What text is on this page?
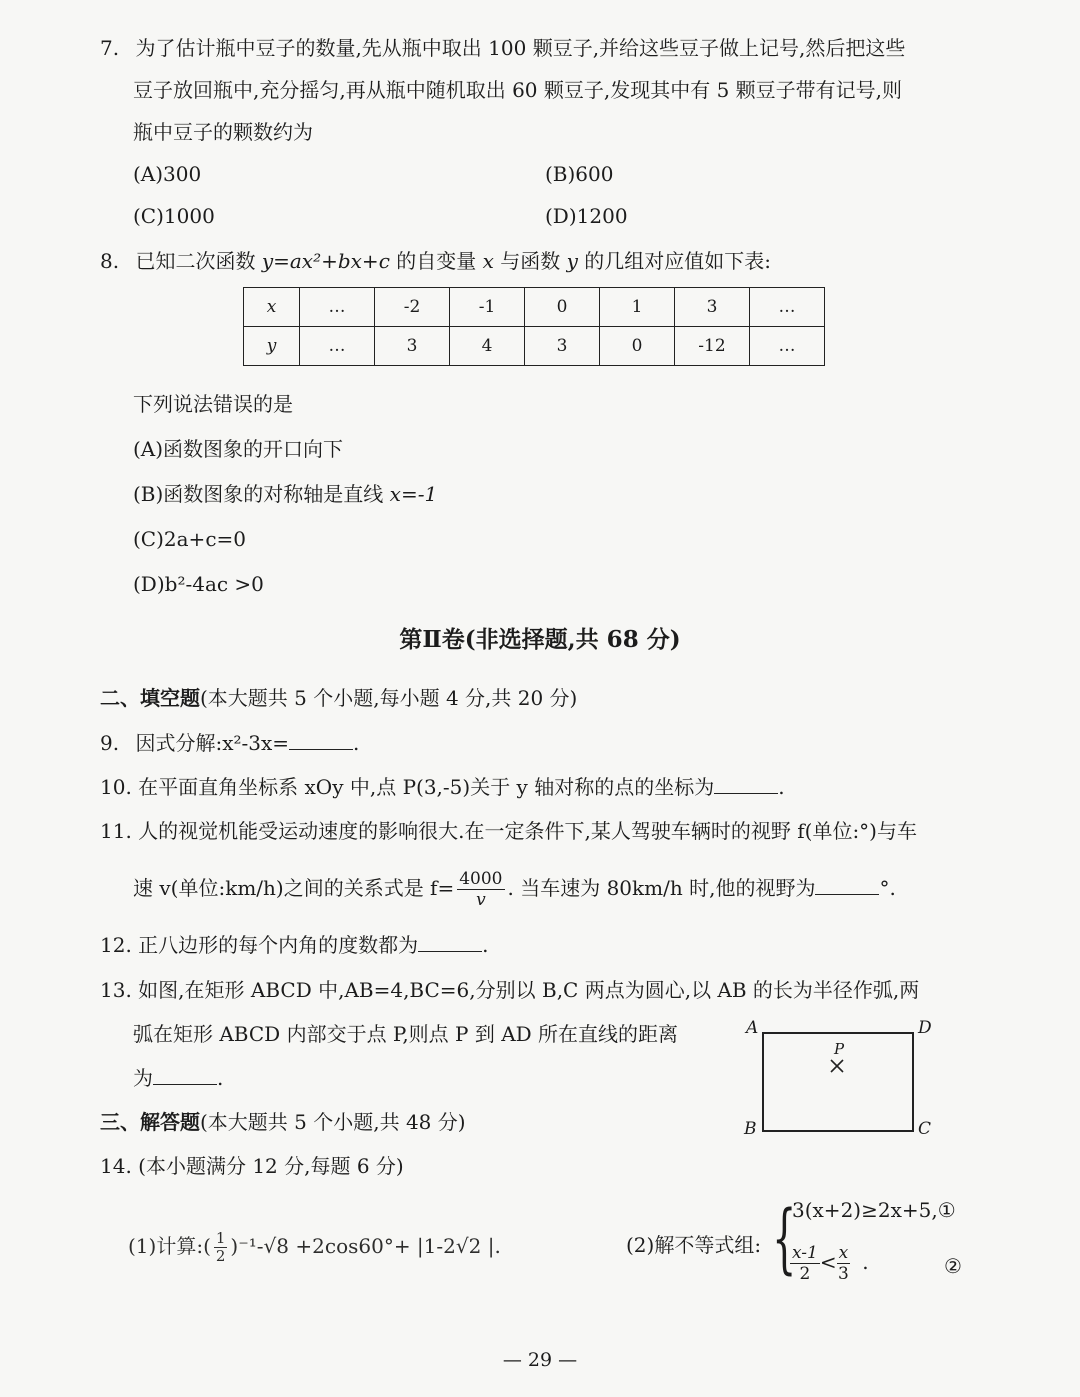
7. 为了估计瓶中豆子的数量,先从瓶中取出 100 颗豆子,并给这些豆子做上记号,然后把这些
豆子放回瓶中,充分摇匀,再从瓶中随机取出 60 颗豆子,发现其中有 5 颗豆子带有记号,则
瓶中豆子的颗数约为
(A)300	(B)600
(C)1000	(D)1200
8. 已知二次函数 y=ax²+bx+c 的自变量 x 与函数 y 的几组对应值如下表:
x	…	-2	-1	0	1	3	…
y	…	3	4	3	0	-12	…
下列说法错误的是
(A)函数图象的开口向下
(B)函数图象的对称轴是直线 x=-1
(C)2a+c=0
(D)b²-4ac >0
第Ⅱ卷(非选择题,共 68 分)
二、填空题(本大题共 5 个小题,每小题 4 分,共 20 分)
9. 因式分解:x²-3x=	.
10. 在平面直角坐标系 xOy 中,点 P(3,-5)关于 y 轴对称的点的坐标为	.
11. 人的视觉机能受运动速度的影响很大.在一定条件下,某人驾驶车辆时的视野 f(单位:°)与车
速 v(单位:km/h)之间的关系式是 $f= \frac{4000}{v}$ . 当车速为 80km/h 时,他的视野为	°.
12. 正八边形的每个内角的度数都为	.
13. 如图,在矩形 ABCD 中,AB=4,BC=6,分别以 B,C 两点为圆心,以 AB 的长为半径作弧,两
弧在矩形 ABCD 内部交于点 P,则点 P 到 AD 所在直线的距离
为	.
A	D
B	C
P
三、解答题(本大题共 5 个小题,共 48 分)
14. (本小题满分 12 分,每题 6 分)
(1)计算:( $\frac{1}{2} )^{-1}-√8 +2\cos 60^\circ+ |1-2√2$ |.	(2)解不等式组: {
3(x+2)≥2x+5,①
$\frac{x-1}{2} < \frac{x}{3}$ .	②
— 29 —
